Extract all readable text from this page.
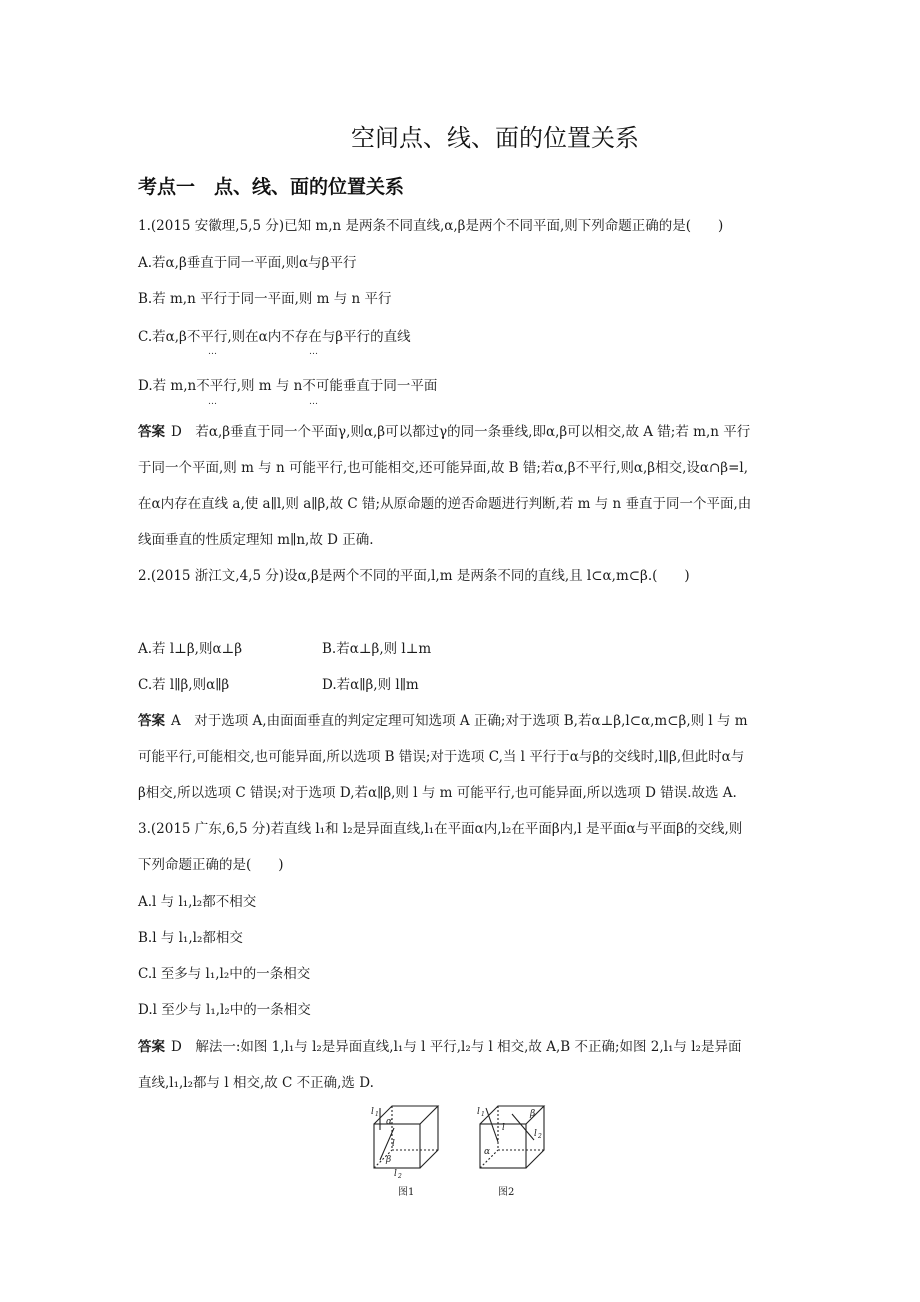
空间点、线、面的位置关系
考点一　点、线、面的位置关系
1.(2015 安徽理,5,5 分)已知 m,n 是两条不同直线,α,β是两个不同平面,则下列命题正确的是(　　)
A.若α,β垂直于同一平面,则α与β平行
B.若 m,n 平行于同一平面,则 m 与 n 平行
C.若α,β不平行,则在α内不存在与β平行的直线
…	…
D.若 m,n不平行,则 m 与 n不可能垂直于同一平面
…	…
答案 D　若α,β垂直于同一个平面γ,则α,β可以都过γ的同一条垂线,即α,β可以相交,故 A 错;若 m,n 平行
于同一个平面,则 m 与 n 可能平行,也可能相交,还可能异面,故 B 错;若α,β不平行,则α,β相交,设α∩β=l,
在α内存在直线 a,使 a∥l,则 a∥β,故 C 错;从原命题的逆否命题进行判断,若 m 与 n 垂直于同一个平面,由
线面垂直的性质定理知 m∥n,故 D 正确.
2.(2015 浙江文,4,5 分)设α,β是两个不同的平面,l,m 是两条不同的直线,且 l⊂α,m⊂β.(　　)
A.若 l⊥β,则α⊥β	B.若α⊥β,则 l⊥m
C.若 l∥β,则α∥β	D.若α∥β,则 l∥m
答案 A　对于选项 A,由面面垂直的判定定理可知选项 A 正确;对于选项 B,若α⊥β,l⊂α,m⊂β,则 l 与 m
可能平行,可能相交,也可能异面,所以选项 B 错误;对于选项 C,当 l 平行于α与β的交线时,l∥β,但此时α与
β相交,所以选项 C 错误;对于选项 D,若α∥β,则 l 与 m 可能平行,也可能异面,所以选项 D 错误.故选 A.
3.(2015 广东,6,5 分)若直线 l₁和 l₂是异面直线,l₁在平面α内,l₂在平面β内,l 是平面α与平面β的交线,则
下列命题正确的是(　　)
A.l 与 l₁,l₂都不相交
B.l 与 l₁,l₂都相交
C.l 至多与 l₁,l₂中的一条相交
D.l 至少与 l₁,l₂中的一条相交
答案 D　解法一:如图 1,l₁与 l₂是异面直线,l₁与 l 平行,l₂与 l 相交,故 A,B 不正确;如图 2,l₁与 l₂是异面
直线,l₁,l₂都与 l 相交,故 C 不正确,选 D.
l 1
α
l
β
l 2
图1
l 1	β
l
l 2
α
图2
